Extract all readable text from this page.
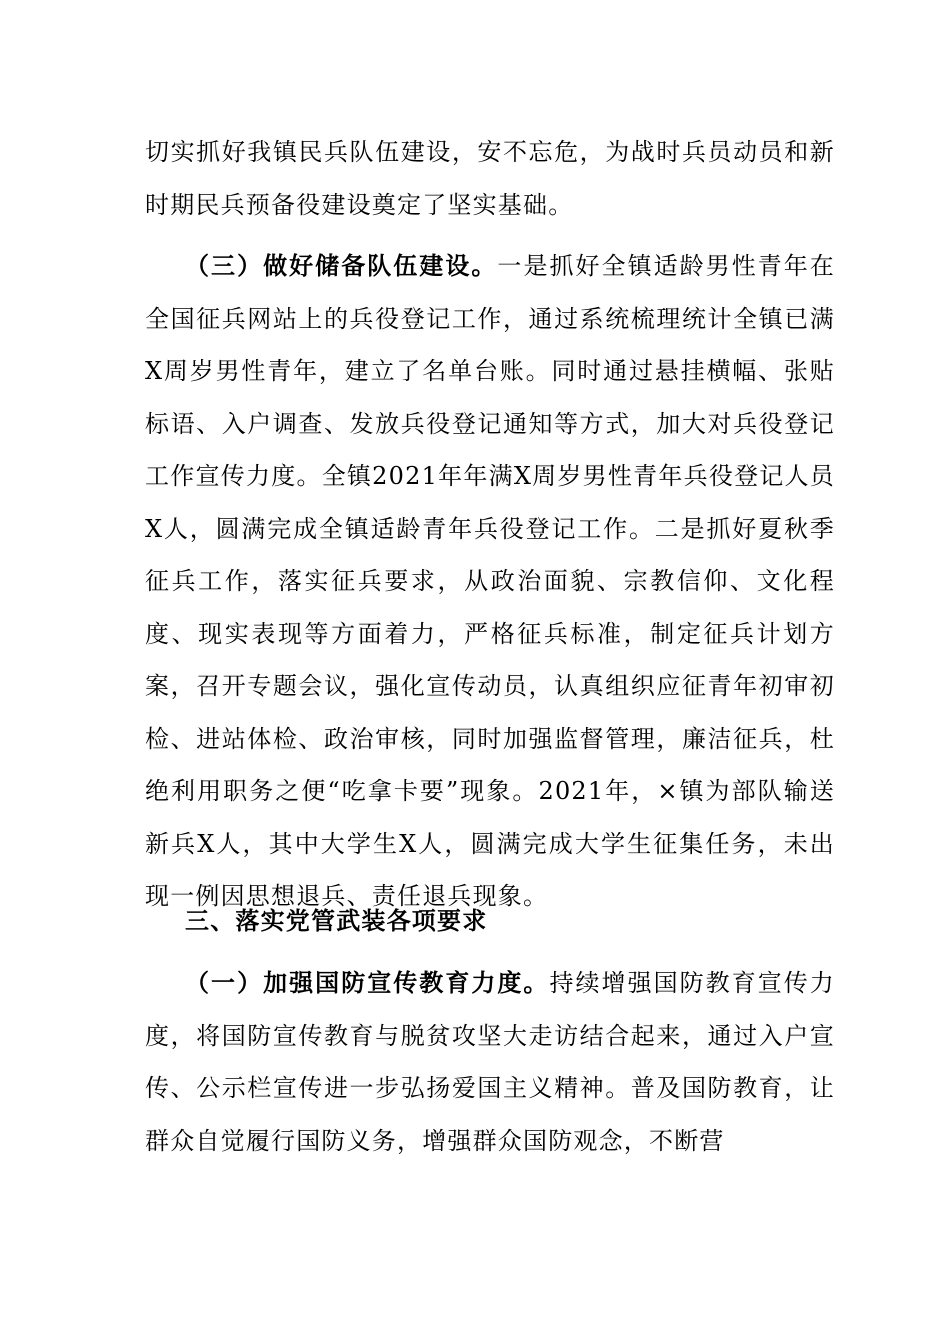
切实抓好我镇民兵队伍建设，安不忘危，为战时兵员动员和新时期民兵预备役建设奠定了坚实基础。

（三）做好储备队伍建设。一是抓好全镇适龄男性青年在全国征兵网站上的兵役登记工作，通过系统梳理统计全镇已满X周岁男性青年，建立了名单台账。同时通过悬挂横幅、张贴标语、入户调查、发放兵役登记通知等方式，加大对兵役登记工作宣传力度。全镇2021年年满X周岁男性青年兵役登记人员X人，圆满完成全镇适龄青年兵役登记工作。二是抓好夏秋季征兵工作，落实征兵要求，从政治面貌、宗教信仰、文化程度、现实表现等方面着力，严格征兵标准，制定征兵计划方案，召开专题会议，强化宣传动员，认真组织应征青年初审初检、进站体检、政治审核，同时加强监督管理，廉洁征兵，杜绝利用职务之便“吃拿卡要”现象。2021年，×镇为部队输送新兵X人，其中大学生X人，圆满完成大学生征集任务，未出现一例因思想退兵、责任退兵现象。

三、落实党管武装各项要求

（一）加强国防宣传教育力度。持续增强国防教育宣传力度，将国防宣传教育与脱贫攻坚大走访结合起来，通过入户宣传、公示栏宣传进一步弘扬爱国主义精神。普及国防教育，让群众自觉履行国防义务，增强群众国防观念，不断营
